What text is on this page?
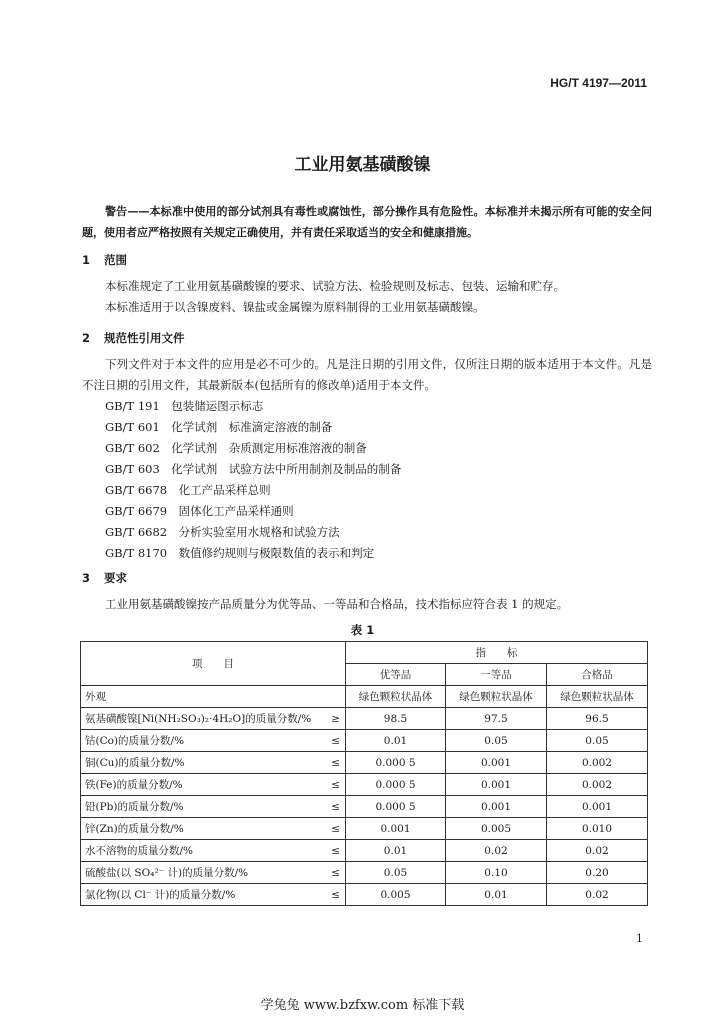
HG/T 4197—2011
工业用氨基磺酸镍

警告——本标准中使用的部分试剂具有毒性或腐蚀性，部分操作具有危险性。本标准并未揭示所有可能的安全问题，使用者应严格按照有关规定正确使用，并有责任采取适当的安全和健康措施。

1 范围

本标准规定了工业用氨基磺酸镍的要求、试验方法、检验规则及标志、包装、运输和贮存。

本标准适用于以含镍废料、镍盐或金属镍为原料制得的工业用氨基磺酸镍。

2 规范性引用文件

下列文件对于本文件的应用是必不可少的。凡是注日期的引用文件，仅所注日期的版本适用于本文件。凡是不注日期的引用文件，其最新版本(包括所有的修改单)适用于本文件。

GB/T 191　包装储运图示标志
GB/T 601　化学试剂　标准滴定溶液的制备
GB/T 602　化学试剂　杂质测定用标准溶液的制备
GB/T 603　化学试剂　试验方法中所用制剂及制品的制备
GB/T 6678　化工产品采样总则
GB/T 6679　固体化工产品采样通则
GB/T 6682　分析实验室用水规格和试验方法
GB/T 8170　数值修约规则与极限数值的表示和判定
3 要求

工业用氨基磺酸镍按产品质量分为优等品、一等品和合格品，技术指标应符合表 1 的规定。

表 1
项　　目	指　　标		
	优等品	一等品	合格品
外观	绿色颗粒状晶体	绿色颗粒状晶体	绿色颗粒状晶体
氨基磺酸镍[Ni(NH₂SO₃)₂·4H₂O]的质量分数/% ≥	98.5	97.5	96.5
钴(Co)的质量分数/% ≤	0.01	0.05	0.05
铜(Cu)的质量分数/% ≤	0.000 5	0.001	0.002
铁(Fe)的质量分数/% ≤	0.000 5	0.001	0.002
铅(Pb)的质量分数/% ≤	0.000 5	0.001	0.001
锌(Zn)的质量分数/% ≤	0.001	0.005	0.010
水不溶物的质量分数/% ≤	0.01	0.02	0.02
硫酸盐(以 SO₄²⁻ 计)的质量分数/% ≤	0.05	0.10	0.20
氯化物(以 Cl⁻ 计)的质量分数/% ≤	0.005	0.01	0.02
1
学兔兔 www.bzfxw.com 标准下载
